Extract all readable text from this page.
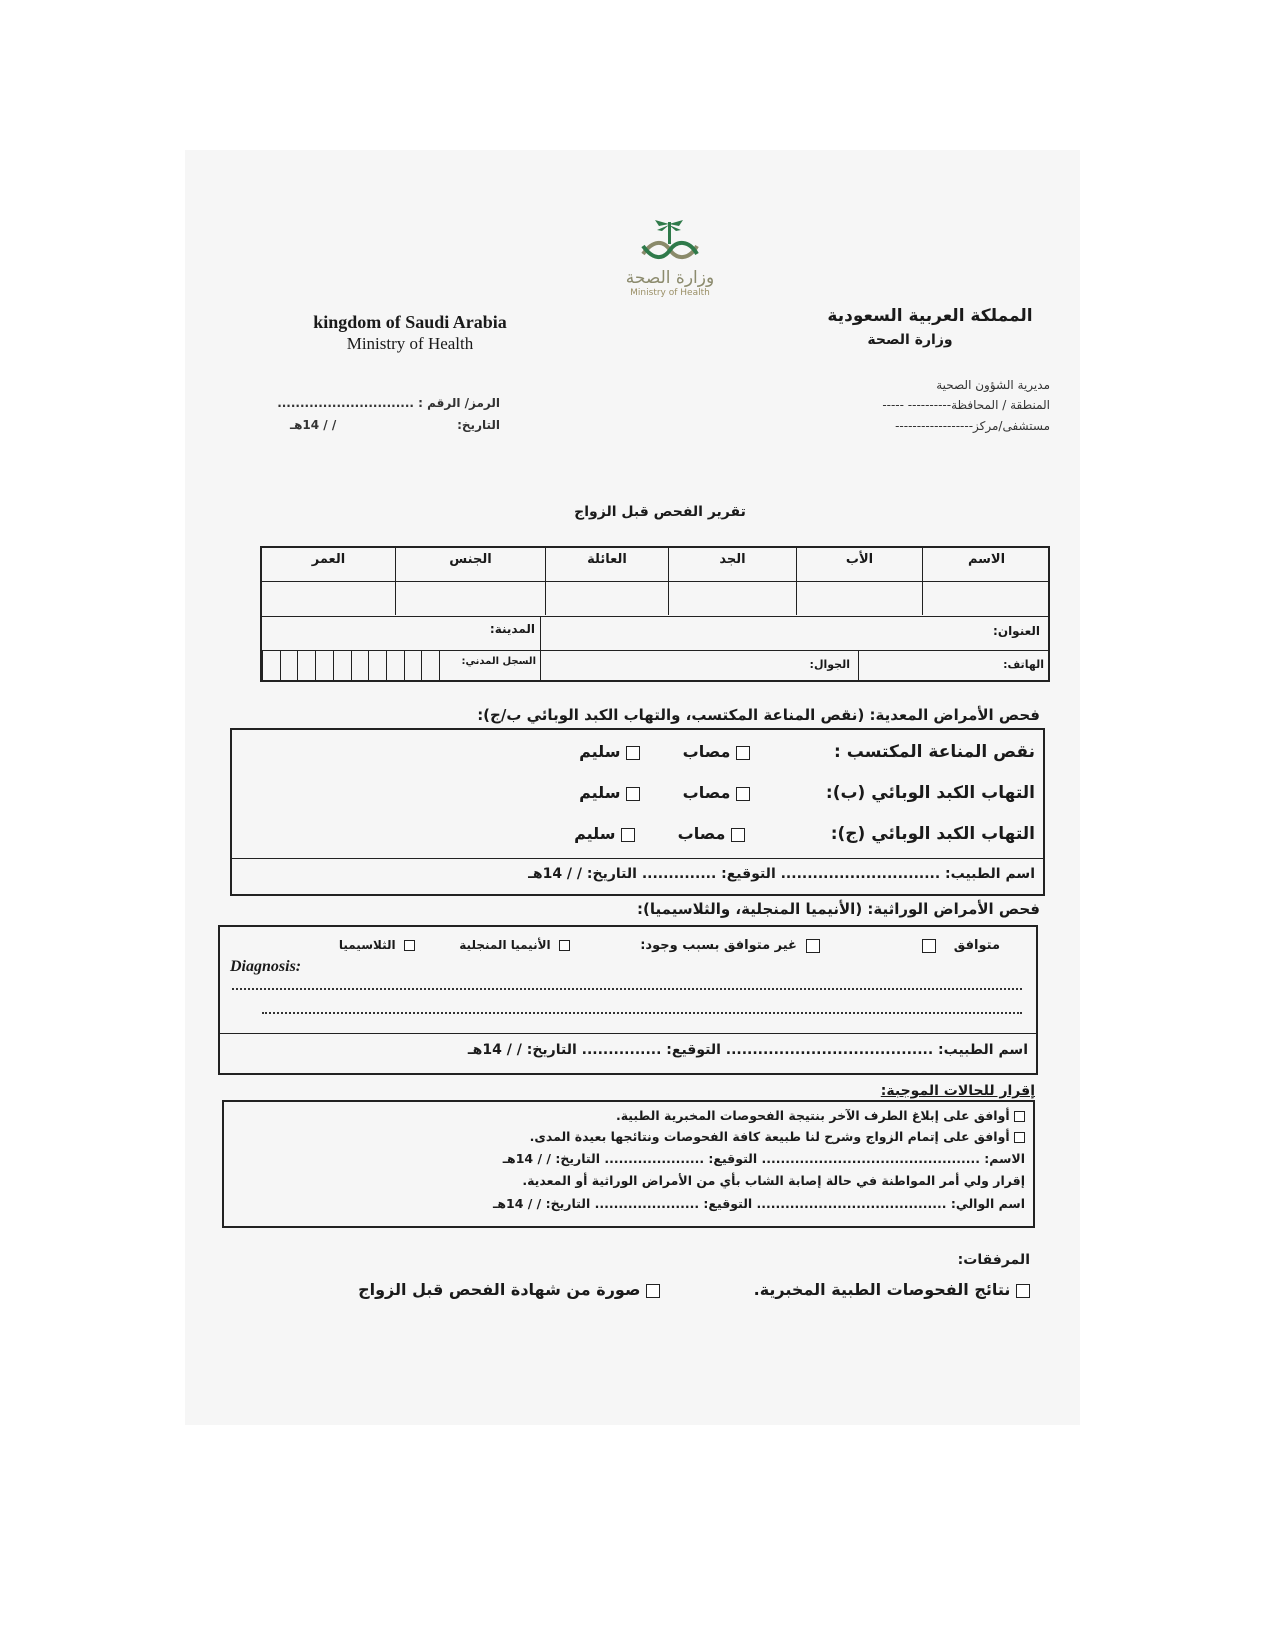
وزارة الصحة
Ministry of Health
kingdom of Saudi Arabia
Ministry of Health
المملكة العربية السعودية
وزارة الصحة
مديرية الشؤون الصحية
المنطقة / المحافظة---------- -----
مستشفى/مركز------------------
الرمز/ الرقم : ..............................
التاريخ:
/ / 14هـ
تقرير الفحص قبل الزواج
الاسم
الأب
الجد
العائلة
الجنس
العمر
العنوان:
المدينة:
الهاتف:
الجوال:
السجل المدني:
فحص الأمراض المعدية: (نقص المناعة المكتسب، والتهاب الكبد الوبائي ب/ج):
نقص المناعة المكتسب :
مصاب
سليم
التهاب الكبد الوبائي (ب):
مصاب
سليم
التهاب الكبد الوبائي (ج):
مصاب
سليم
اسم الطبيب: .............................. التوقيع: .............. التاريخ: / / 14هـ
فحص الأمراض الوراثية: (الأنيميا المنجلية، والثلاسيميا):
متوافق
غير متوافق بسبب وجود:
الأنيميا المنجلية
الثلاسيميا
Diagnosis:
اسم الطبيب: ....................................... التوقيع: ............... التاريخ: / / 14هـ
إقرار للحالات الموجبة:
أوافق على إبلاغ الطرف الآخر بنتيجة الفحوصات المخبرية الطبية.
أوافق على إتمام الزواج وشرح لنا طبيعة كافة الفحوصات ونتائجها بعيدة المدى.
الاسم: .............................................. التوقيع: ..................... التاريخ: / / 14هـ
إقرار ولي أمر المواطنة في حالة إصابة الشاب بأي من الأمراض الوراثية أو المعدية.
اسم الوالي: ........................................ التوقيع: ...................... التاريخ: / / 14هـ
المرفقات:
نتائج الفحوصات الطبية المخبرية.
صورة من شهادة الفحص قبل الزواج
